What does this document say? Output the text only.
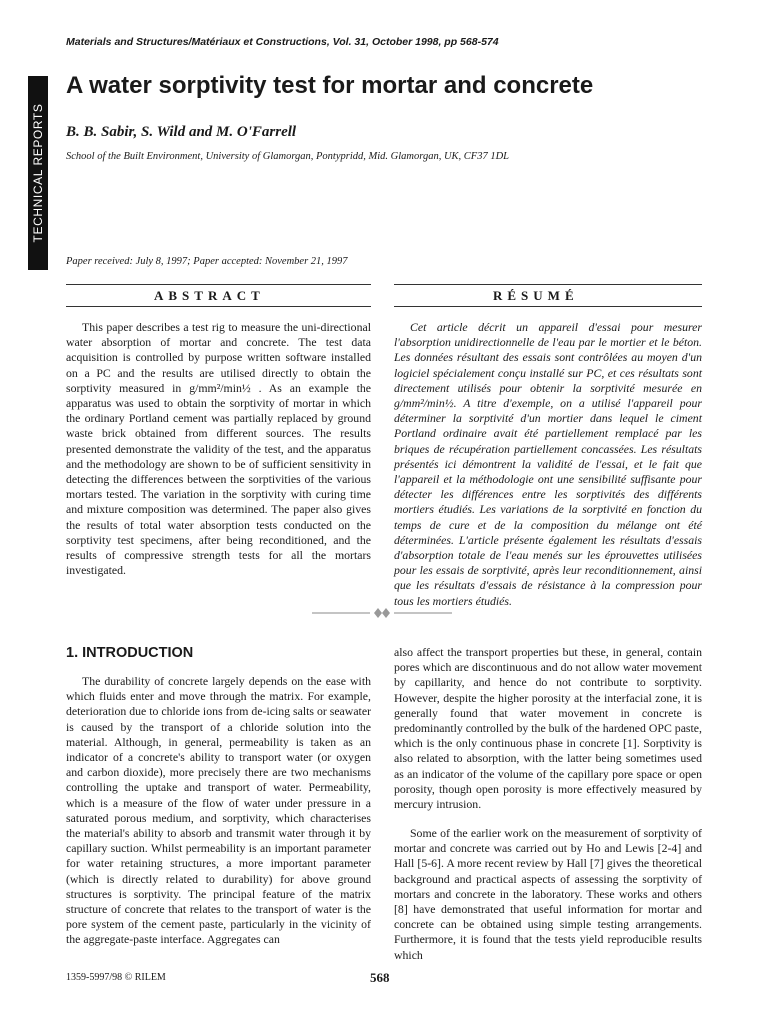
Materials and Structures/Matériaux et Constructions, Vol. 31, October 1998, pp 568-574
TECHNICAL REPORTS
A water sorptivity test for mortar and concrete
B. B. Sabir, S. Wild and M. O'Farrell
School of the Built Environment, University of Glamorgan, Pontypridd, Mid. Glamorgan, UK, CF37 1DL
Paper received: July 8, 1997; Paper accepted: November 21, 1997
ABSTRACT	RÉSUMÉ

This paper describes a test rig to measure the uni-directional water absorption of mortar and concrete. The test data acquisition is controlled by purpose written software installed on a PC and the results are utilised directly to obtain the sorptivity measured in g/mm²/min½ . As an example the apparatus was used to obtain the sorptivity of mortar in which the ordinary Portland cement was partially replaced by ground waste brick obtained from different sources. The results presented demonstrate the validity of the test, and the apparatus and the methodology are shown to be of sufficient sensitivity in detecting the differences between the sorptivities of the various mortars tested. The variation in the sorptivity with curing time and mixture composition was determined. The paper also gives the results of total water absorption tests conducted on the sorptivity test specimens, after being reconditioned, and the results of compressive strength tests for all the mortars investigated.

Cet article décrit un appareil d'essai pour mesurer l'absorption unidirectionnelle de l'eau par le mortier et le béton. Les données résultant des essais sont contrôlées au moyen d'un logiciel spécialement conçu installé sur PC, et ces résultats sont directement utilisés pour obtenir la sorptivité mesurée en g/mm²/min½. A titre d'exemple, on a utilisé l'appareil pour déterminer la sorptivité d'un mortier dans lequel le ciment Portland ordinaire avait été partiellement remplacé par les briques de récupération partiellement concassées. Les résultats présentés ici démontrent la validité de l'essai, et le fait que l'appareil et la méthodologie ont une sensibilité suffisante pour détecter les différences entre les sorptivités des différents mortiers étudiés. Les variations de la sorptivité en fonction du temps de cure et de la composition du mélange ont été déterminées. L'article présente également les résultats d'essais d'absorption totale de l'eau menés sur les éprouvettes utilisées pour les essais de sorptivité, après leur reconditionnement, ainsi que les résultats d'essais de résistance à la compression pour tous les mortiers étudiés.

1. INTRODUCTION

The durability of concrete largely depends on the ease with which fluids enter and move through the matrix. For example, deterioration due to chloride ions from de-icing salts or seawater is caused by the transport of a chloride solution into the material. Although, in general, permeability is taken as an indicator of a concrete's ability to transport water (or oxygen and carbon dioxide), more precisely there are two mechanisms controlling the uptake and transport of water. Permeability, which is a measure of the flow of water under pressure in a saturated porous medium, and sorptivity, which characterises the material's ability to absorb and transmit water through it by capillary suction. Whilst permeability is an important parameter for water retaining structures, a more important parameter (which is directly related to durability) for above ground structures is sorptivity. The principal feature of the matrix structure of concrete that relates to the transport of water is the pore system of the cement paste, particularly in the vicinity of the aggregate-paste interface. Aggregates can

also affect the transport properties but these, in general, contain pores which are discontinuous and do not allow water movement by capillarity, and hence do not contribute to sorptivity. However, despite the higher porosity at the interfacial zone, it is generally found that water movement in concrete is predominantly controlled by the bulk of the hardened OPC paste, which is the only continuous phase in concrete [1]. Sorptivity is also related to absorption, with the latter being sometimes used as an indicator of the volume of the capillary pore space or open porosity, though open porosity is more effectively measured by mercury intrusion.

Some of the earlier work on the measurement of sorptivity of mortar and concrete was carried out by Ho and Lewis [2-4] and Hall [5-6]. A more recent review by Hall [7] gives the theoretical background and practical aspects of assessing the sorptivity of mortars and concrete in the laboratory. These works and others [8] have demonstrated that useful information for mortar and concrete can be obtained using simple testing arrangements. Furthermore, it is found that the tests yield reproducible results which

1359-5997/98 © RILEM	568
